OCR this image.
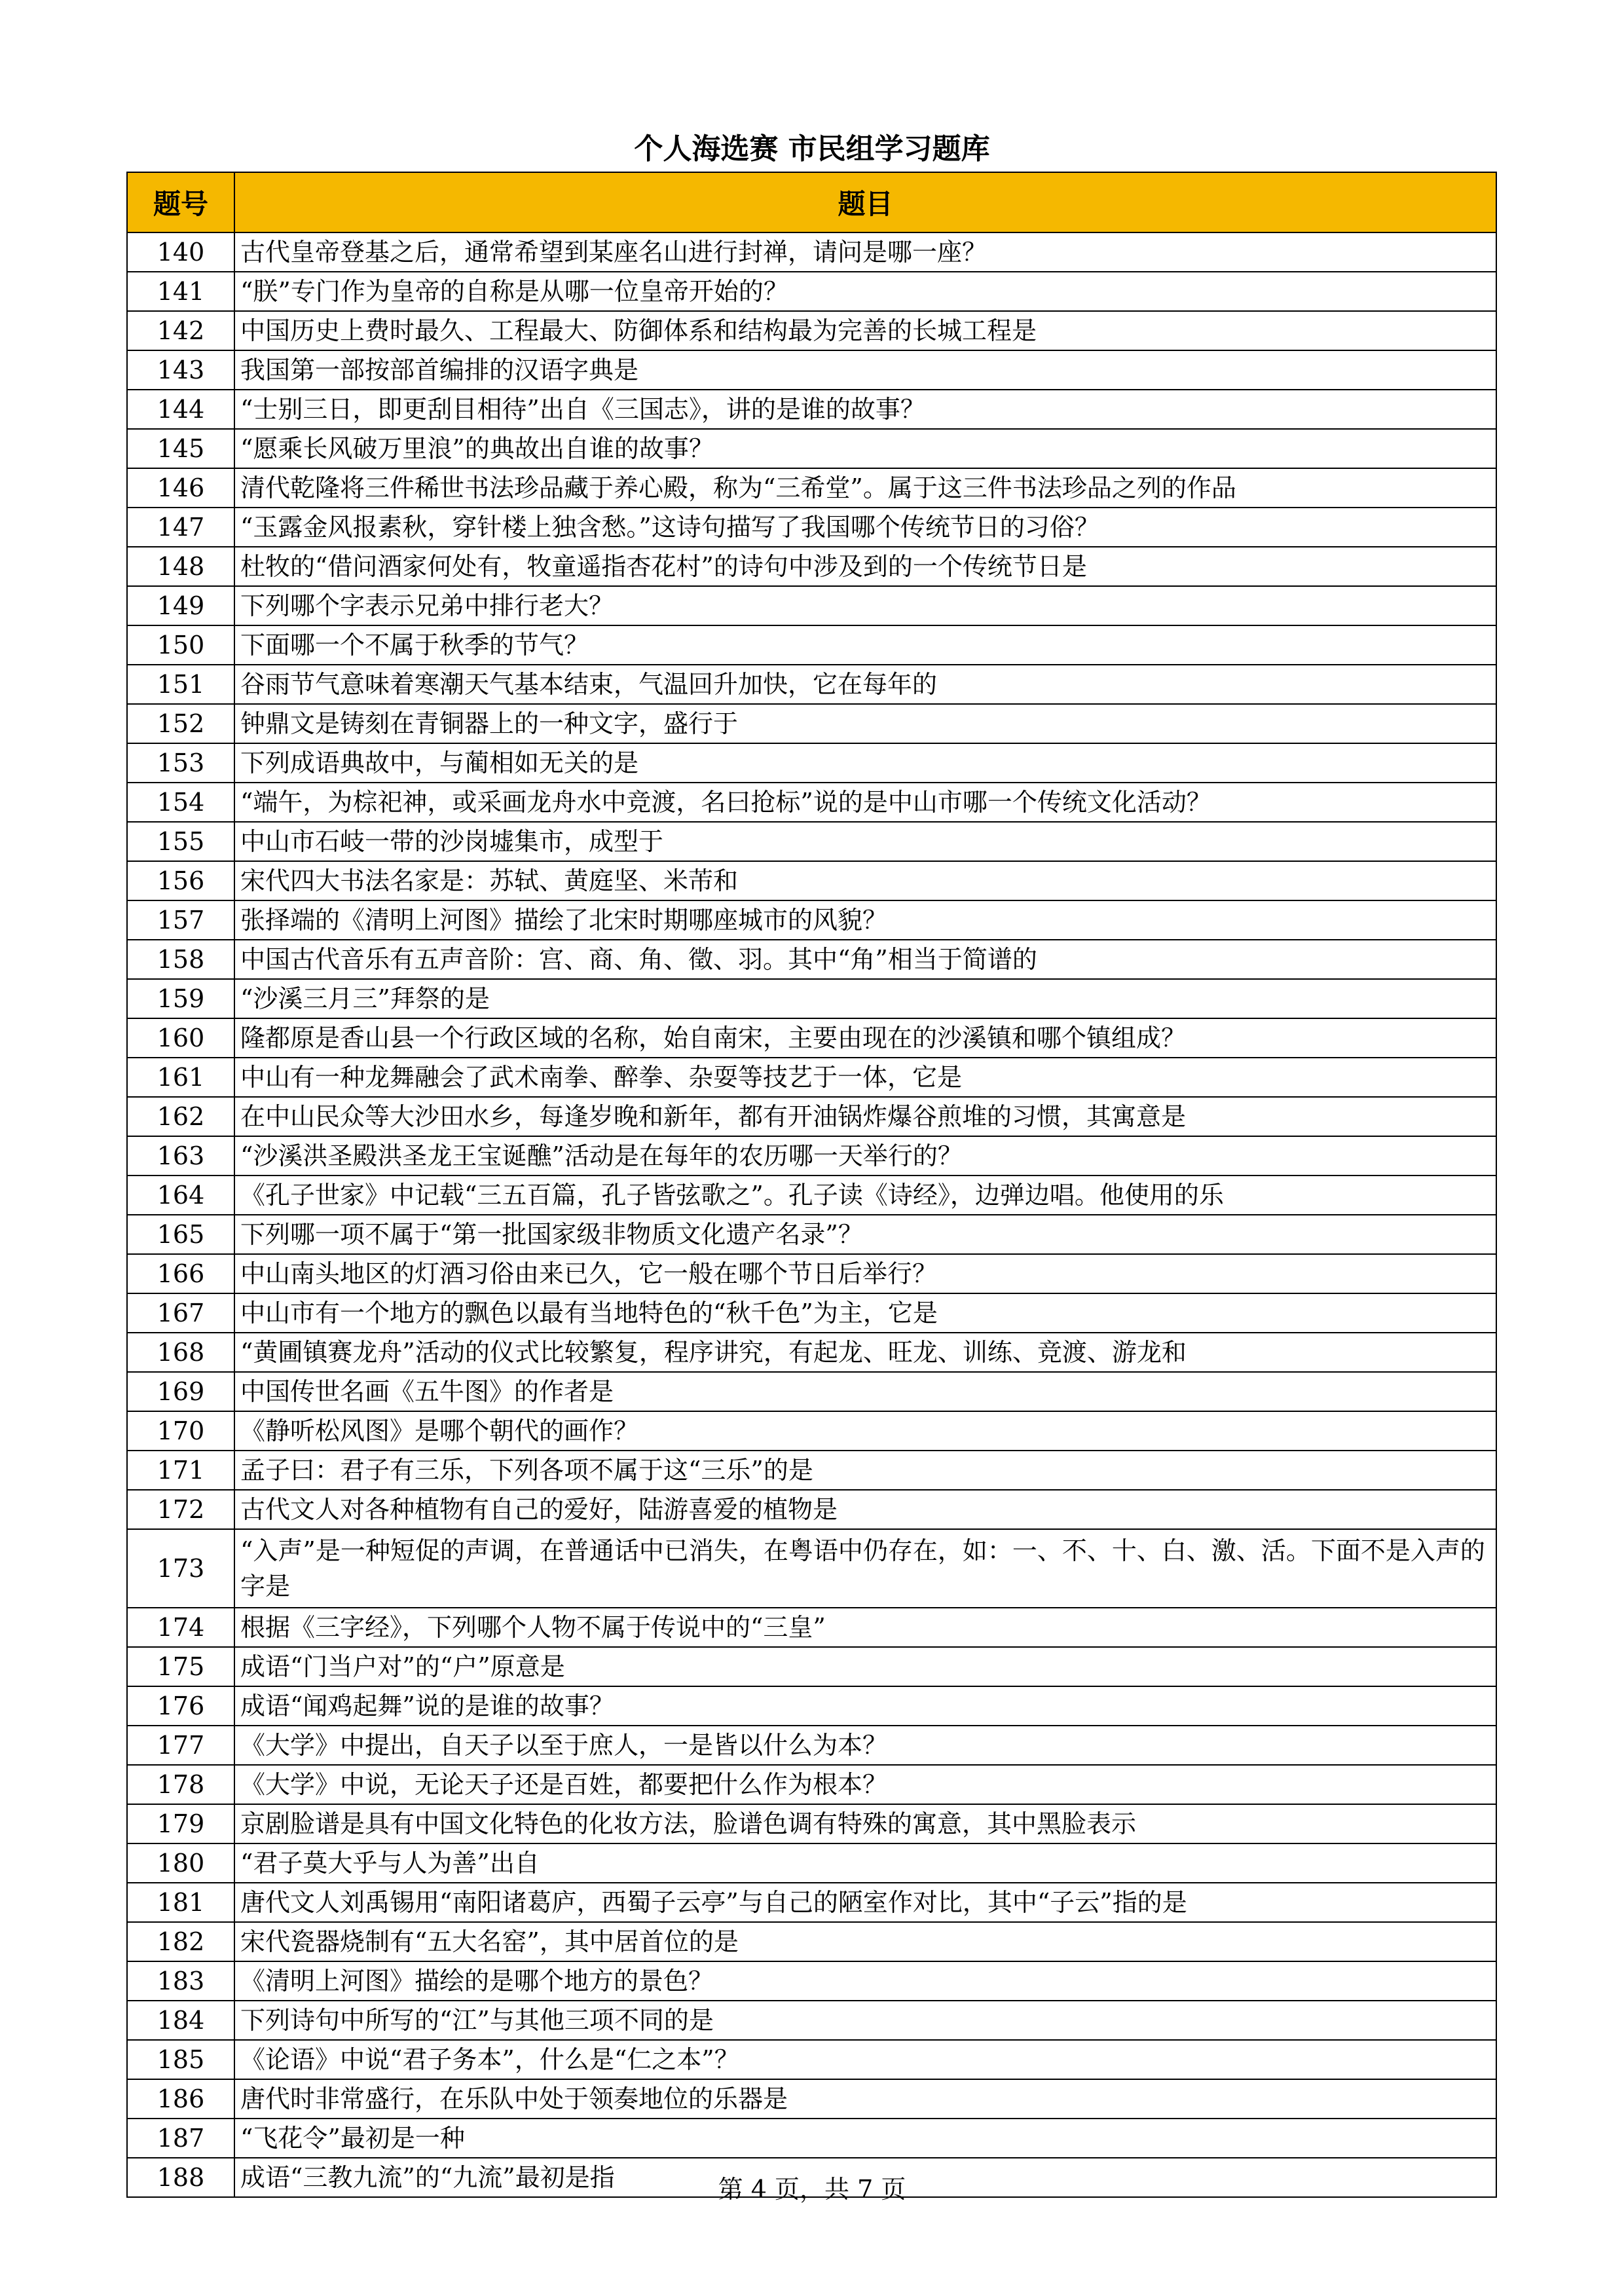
个人海选赛 市民组学习题库
题号	题目
140	古代皇帝登基之后，通常希望到某座名山进行封禅，请问是哪一座？
141	“朕”专门作为皇帝的自称是从哪一位皇帝开始的？
142	中国历史上费时最久、工程最大、防御体系和结构最为完善的长城工程是
143	我国第一部按部首编排的汉语字典是
144	“士别三日，即更刮目相待”出自《三国志》，讲的是谁的故事？
145	“愿乘长风破万里浪”的典故出自谁的故事？
146	清代乾隆将三件稀世书法珍品藏于养心殿，称为“三希堂”。属于这三件书法珍品之列的作品
147	“玉露金风报素秋，穿针楼上独含愁。”这诗句描写了我国哪个传统节日的习俗？
148	杜牧的“借问酒家何处有，牧童遥指杏花村”的诗句中涉及到的一个传统节日是
149	下列哪个字表示兄弟中排行老大？
150	下面哪一个不属于秋季的节气？
151	谷雨节气意味着寒潮天气基本结束，气温回升加快，它在每年的
152	钟鼎文是铸刻在青铜器上的一种文字，盛行于
153	下列成语典故中，与蔺相如无关的是
154	“端午，为棕祀神，或采画龙舟水中竞渡，名曰抢标”说的是中山市哪一个传统文化活动？
155	中山市石岐一带的沙岗墟集市，成型于
156	宋代四大书法名家是：苏轼、黄庭坚、米芾和
157	张择端的《清明上河图》描绘了北宋时期哪座城市的风貌？
158	中国古代音乐有五声音阶：宫、商、角、徵、羽。其中“角”相当于简谱的
159	“沙溪三月三”拜祭的是
160	隆都原是香山县一个行政区域的名称，始自南宋，主要由现在的沙溪镇和哪个镇组成？
161	中山有一种龙舞融会了武术南拳、醉拳、杂耍等技艺于一体，它是
162	在中山民众等大沙田水乡，每逢岁晚和新年，都有开油锅炸爆谷煎堆的习惯，其寓意是
163	“沙溪洪圣殿洪圣龙王宝诞醮”活动是在每年的农历哪一天举行的？
164	《孔子世家》中记载“三五百篇，孔子皆弦歌之”。孔子读《诗经》，边弹边唱。他使用的乐
165	下列哪一项不属于“第一批国家级非物质文化遗产名录”？
166	中山南头地区的灯酒习俗由来已久，它一般在哪个节日后举行？
167	中山市有一个地方的飘色以最有当地特色的“秋千色”为主，它是
168	“黄圃镇赛龙舟”活动的仪式比较繁复，程序讲究，有起龙、旺龙、训练、竞渡、游龙和
169	中国传世名画《五牛图》的作者是
170	《静听松风图》是哪个朝代的画作？
171	孟子曰：君子有三乐，下列各项不属于这“三乐”的是
172	古代文人对各种植物有自己的爱好，陆游喜爱的植物是
173	“入声”是一种短促的声调，在普通话中已消失，在粤语中仍存在，如：一、不、十、白、激、活。下面不是入声的字是
174	根据《三字经》，下列哪个人物不属于传说中的“三皇”
175	成语“门当户对”的“户”原意是
176	成语“闻鸡起舞”说的是谁的故事？
177	《大学》中提出，自天子以至于庶人，一是皆以什么为本？
178	《大学》中说，无论天子还是百姓，都要把什么作为根本？
179	京剧脸谱是具有中国文化特色的化妆方法，脸谱色调有特殊的寓意，其中黑脸表示
180	“君子莫大乎与人为善”出自
181	唐代文人刘禹锡用“南阳诸葛庐，西蜀子云亭”与自己的陋室作对比，其中“子云”指的是
182	宋代瓷器烧制有“五大名窑”，其中居首位的是
183	《清明上河图》描绘的是哪个地方的景色？
184	下列诗句中所写的“江”与其他三项不同的是
185	《论语》中说“君子务本”，什么是“仁之本”？
186	唐代时非常盛行，在乐队中处于领奏地位的乐器是
187	“飞花令”最初是一种
188	成语“三教九流”的“九流”最初是指	第 4 页，共 7 页
